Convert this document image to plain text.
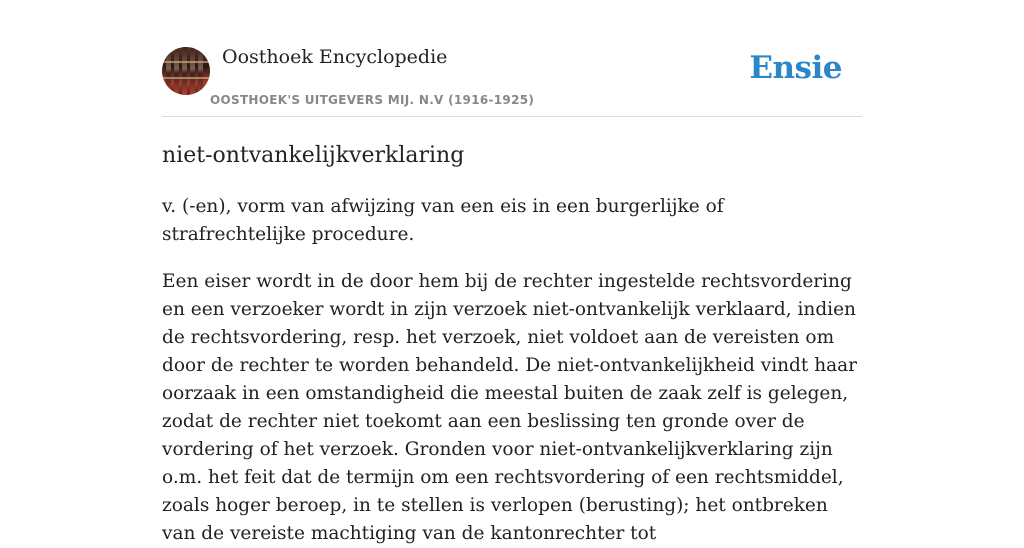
Oosthoek Encyclopedie
OOSTHOEK'S UITGEVERS MIJ. N.V (1916-1925)
Ensie
niet-ontvankelijkverklaring

v. (-en), vorm van afwijzing van een eis in een burgerlijke of strafrechtelijke procedure.

Een eiser wordt in de door hem bij de rechter ingestelde rechtsvordering en een verzoeker wordt in zijn verzoek niet-ontvankelijk verklaard, indien de rechtsvordering, resp. het verzoek, niet voldoet aan de vereisten om door de rechter te worden behandeld. De niet-ontvankelijkheid vindt haar oorzaak in een omstandigheid die meestal buiten de zaak zelf is gelegen, zodat de rechter niet toekomt aan een beslissing ten gronde over de vordering of het verzoek. Gronden voor niet-ontvankelijkverklaring zijn o.m. het feit dat de termijn om een rechtsvordering of een rechtsmiddel, zoals hoger beroep, in te stellen is verlopen (berusting); het ontbreken van de vereiste machtiging van de kantonrechter tot
